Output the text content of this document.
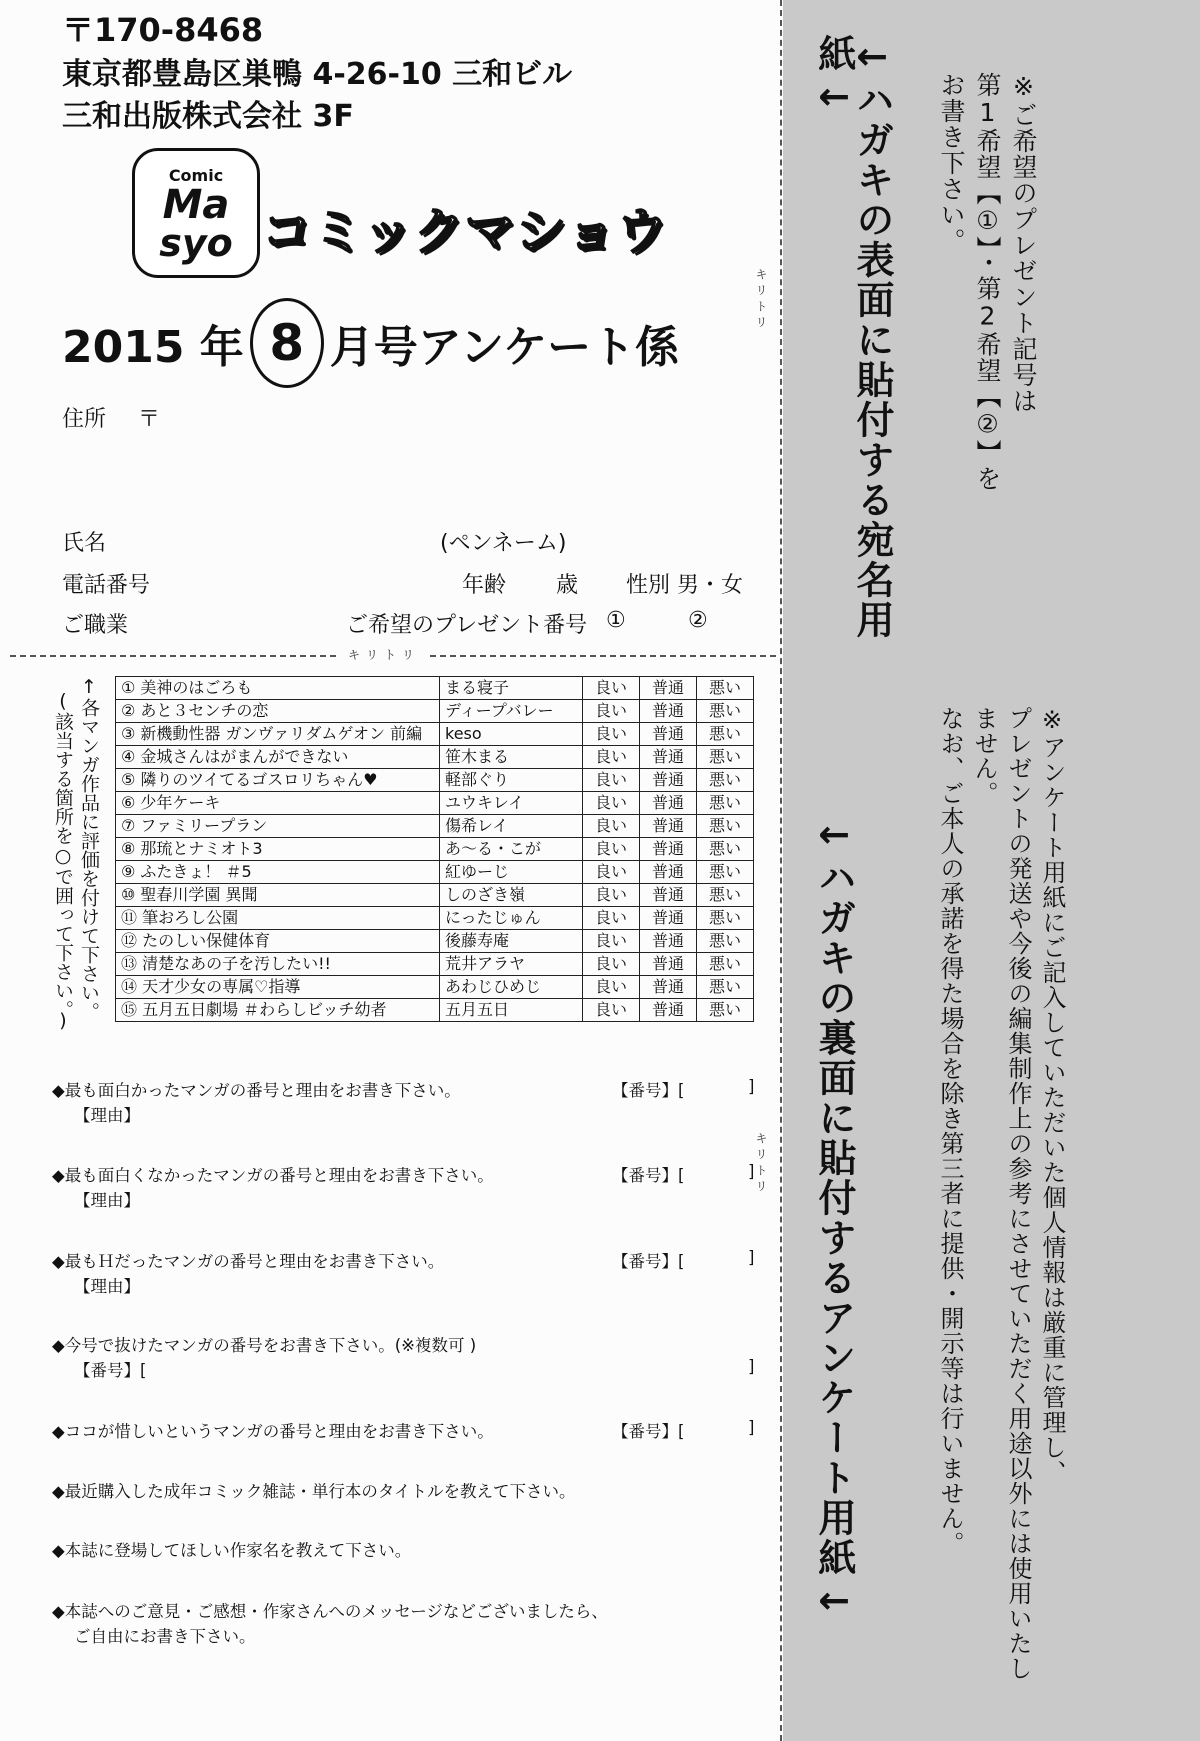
〒170-8468
東京都豊島区巣鴨 4-26-10 三和ビル
三和出版株式会社 3F
Comic
Ma
syo コミックマショウ
2015 年 8 月号アンケート係
住所 〒
氏名	(ペンネーム)
電話番号	年齢 歳 性別 男・女
ご職業	ご希望のプレゼント番号 ①	②
キリトリ
↑各マンガ作品に評価を付けて下さい。
(該当する箇所を○で囲って下さい。)
① 美神のはごろも	まる寝子	良い	普通	悪い
② あと３センチの恋	ディープバレー	良い	普通	悪い
③ 新機動性器 ガンヴァリダムゲオン 前編	keso	良い	普通	悪い
④ 金城さんはがまんができない	笹木まる	良い	普通	悪い
⑤ 隣りのツイてるゴスロリちゃん♥	軽部ぐり	良い	普通	悪い
⑥ 少年ケーキ	ユウキレイ	良い	普通	悪い
⑦ ファミリープラン	傷希レイ	良い	普通	悪い
⑧ 那琉とナミオト3	あ～る・こが	良い	普通	悪い
⑨ ふたきょ！ ＃5	紅ゆーじ	良い	普通	悪い
⑩ 聖春川学園 異聞	しのざき嶺	良い	普通	悪い
⑪ 筆おろし公園	にったじゅん	良い	普通	悪い
⑫ たのしい保健体育	後藤寿庵	良い	普通	悪い
⑬ 清楚なあの子を汚したい!!	荒井アラヤ	良い	普通	悪い
⑭ 天才少女の専属♡指導	あわじひめじ	良い	普通	悪い
⑮ 五月五日劇場 ＃わらしビッチ幼者	五月五日	良い	普通	悪い
◆最も面白かったマンガの番号と理由をお書き下さい。	【番号】[	]
【理由】
◆最も面白くなかったマンガの番号と理由をお書き下さい。	【番号】[	]
【理由】
◆最もＨだったマンガの番号と理由をお書き下さい。	【番号】[	]
【理由】
◆今号で抜けたマンガの番号をお書き下さい。(※複数可 )
【番号】[	]
◆ココが惜しいというマンガの番号と理由をお書き下さい。	【番号】[	]
◆最近購入した成年コミック雑誌・単行本のタイトルを教えて下さい。
◆本誌に登場してほしい作家名を教えて下さい。
◆本誌へのご意見・ご感想・作家さんへのメッセージなどございましたら、
ご自由にお書き下さい。
キリトリ
キリトリ
←ハガキの表面に貼付する宛名用紙←
←ハガキの裏面に貼付するアンケート用紙←
※ご希望のプレゼント記号は
第1希望【①】・第2希望【②】を
お書き下さい。
※アンケート用紙にご記入していただいた個人情報は厳重に管理し、
プレゼントの発送や今後の編集制作上の参考にさせていただく用途以外には使用いたしません。
なお、ご本人の承諾を得た場合を除き第三者に提供・開示等は行いません。
